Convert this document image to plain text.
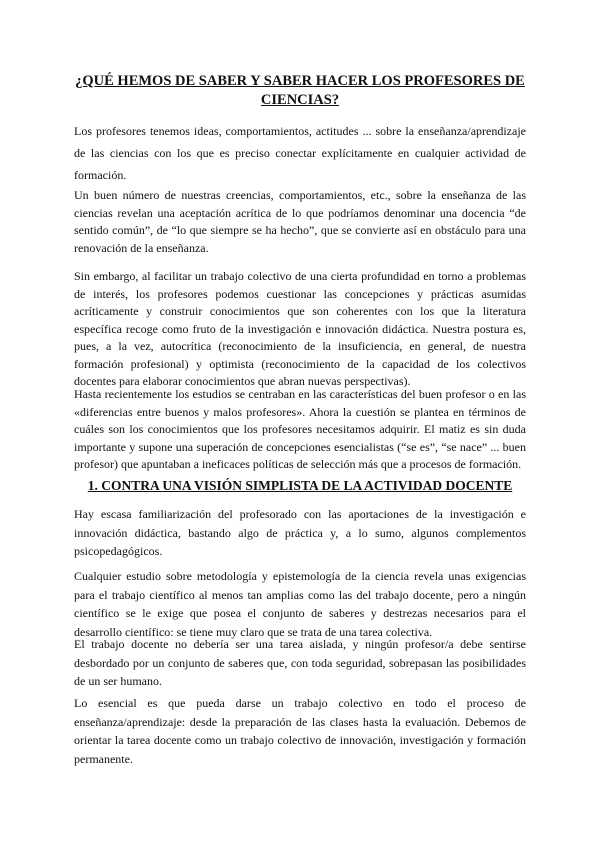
¿QUÉ HEMOS DE SABER Y SABER HACER LOS PROFESORES DE CIENCIAS?

Los profesores tenemos ideas, comportamientos, actitudes ... sobre la enseñanza/aprendizaje de las ciencias con los que es preciso conectar explícitamente en cualquier actividad de formación.

Un buen número de nuestras creencias, comportamientos, etc., sobre la enseñanza de las ciencias revelan una aceptación acrítica de lo que podríamos denominar una docencia “de sentido común”, de “lo que siempre se ha hecho”, que se convierte así en obstáculo para una renovación de la enseñanza.

Sin embargo, al facilitar un trabajo colectivo de una cierta profundidad en torno a problemas de interés, los profesores podemos cuestionar las concepciones y prácticas asumidas acríticamente y construir conocimientos que son coherentes con los que la literatura específica recoge como fruto de la investigación e innovación didáctica. Nuestra postura es, pues, a la vez, autocrítica (reconocimiento de la insuficiencia, en general, de nuestra formación profesional) y optimista (reconocimiento de la capacidad de los colectivos docentes para elaborar conocimientos que abran nuevas perspectivas).

Hasta recientemente los estudios se centraban en las características del buen profesor o en las «diferencias entre buenos y malos profesores». Ahora la cuestión se plantea en términos de cuáles son los conocimientos que los profesores necesitamos adquirir. El matiz es sin duda importante y supone una superación de concepciones esencialistas (“se es”, “se nace” ... buen profesor) que apuntaban a ineficaces políticas de selección más que a procesos de formación.

1. CONTRA UNA VISIÓN SIMPLISTA DE LA ACTIVIDAD DOCENTE

Hay escasa familiarización del profesorado con las aportaciones de la investigación e innovación didáctica, bastando algo de práctica y, a lo sumo, algunos complementos psicopedagógicos.

Cualquier estudio sobre metodología y epistemología de la ciencia revela unas exigencias para el trabajo científico al menos tan amplias como las del trabajo docente, pero a ningún científico se le exige que posea el conjunto de saberes y destrezas necesarios para el desarrollo científico: se tiene muy claro que se trata de una tarea colectiva.

El trabajo docente no debería ser una tarea aislada, y ningún profesor/a debe sentirse desbordado por un conjunto de saberes que, con toda seguridad, sobrepasan las posibilidades de un ser humano.

Lo esencial es que pueda darse un trabajo colectivo en todo el proceso de enseñanza/aprendizaje: desde la preparación de las clases hasta la evaluación. Debemos de orientar la tarea docente como un trabajo colectivo de innovación, investigación y formación permanente.
